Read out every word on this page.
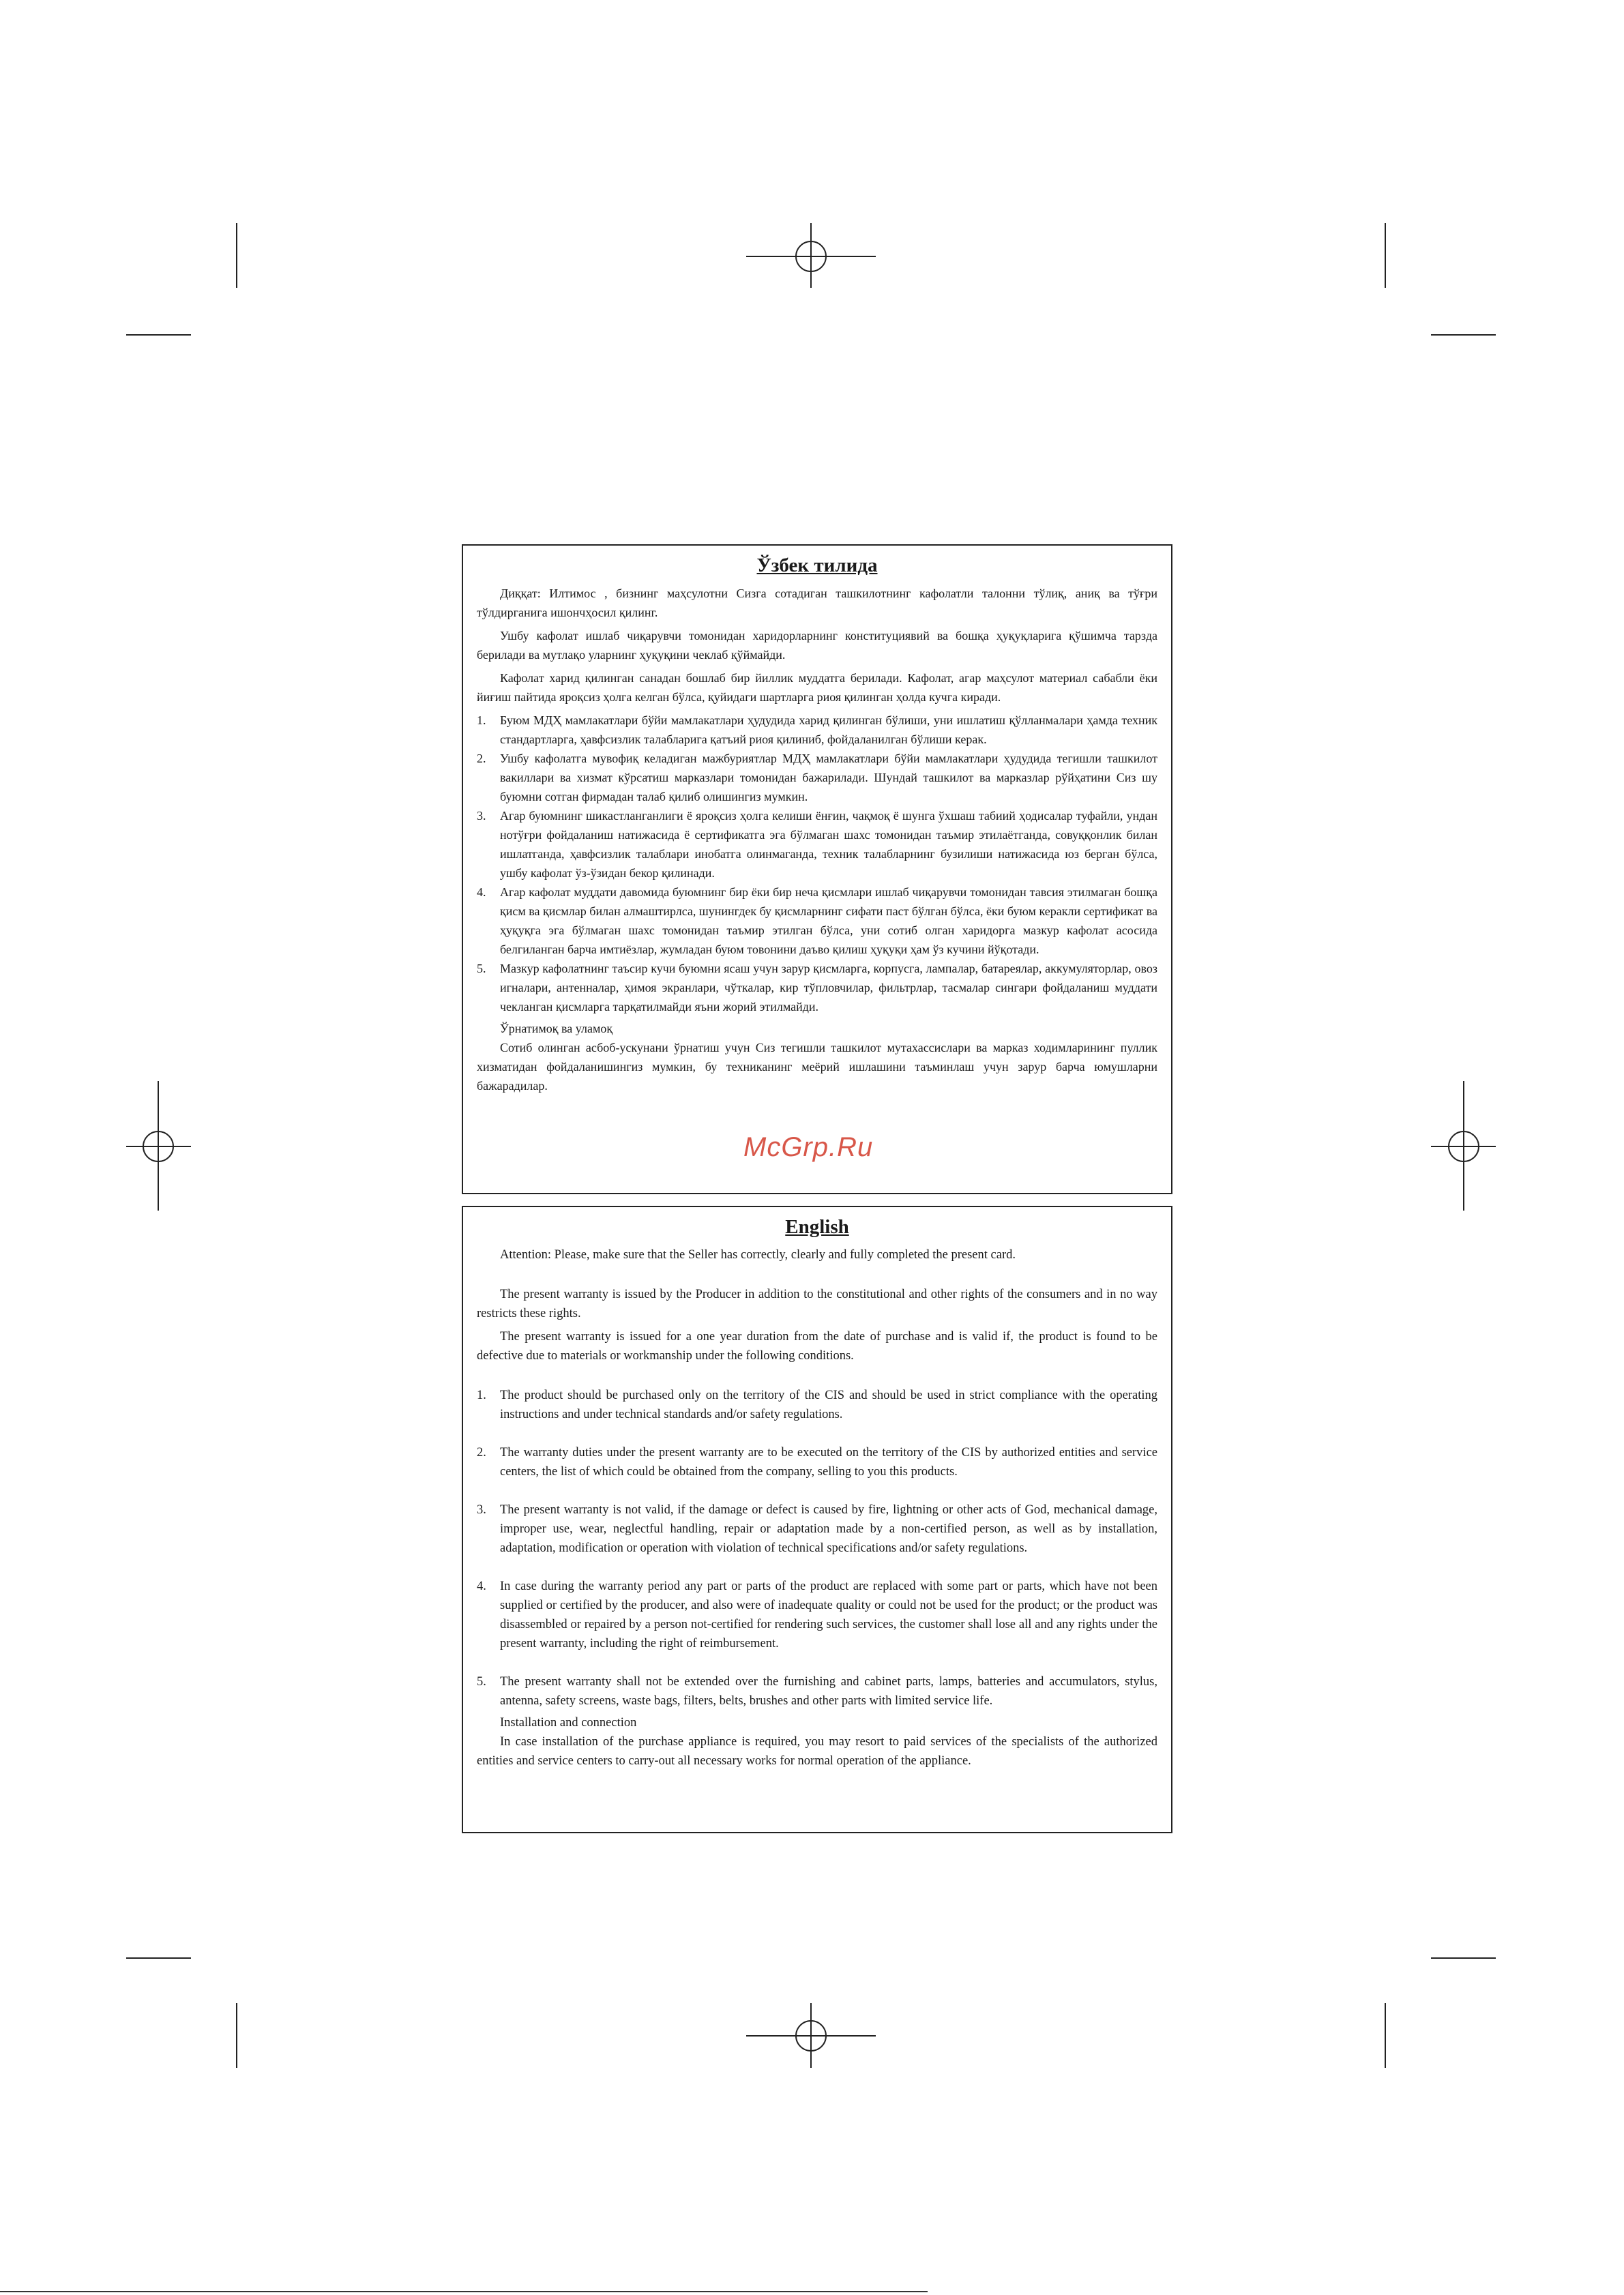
Ўзбек тилида

Диққат: Илтимос , бизнинг маҳсулотни Сизга сотадиган ташкилотнинг кафолатли талонни тўлиқ, аниқ ва тўғри тўлдирганига ишончҳосил қилинг.

Ушбу кафолат ишлаб чиқарувчи томонидан харидорларнинг конституциявий ва бошқа ҳуқуқларига қўшимча тарзда берилади ва мутлақо уларнинг ҳуқуқини чеклаб қўймайди.

Кафолат харид қилинган санадан бошлаб бир йиллик муддатга берилади. Кафолат, агар маҳсулот материал сабабли ёки йиғиш пайтида яроқсиз ҳолга келган бўлса, қуйидаги шартларга риоя қилинган ҳолда кучга киради.

1. Буюм МДҲ мамлакатлари бўйи мамлакатлари ҳудудида харид қилинган бўлиши, уни ишлатиш қўлланмалари ҳамда техник стандартларга, ҳавфсизлик талабларига қатъий риоя қилиниб, фойдаланилган бўлиши керак.
2. Ушбу кафолатга мувофиқ келадиган мажбуриятлар МДҲ мамлакатлари бўйи мамлакатлари ҳудудида тегишли ташкилот вакиллари ва хизмат кўрсатиш марказлари томонидан бажарилади. Шундай ташкилот ва марказлар рўйҳатини Сиз шу буюмни сотган фирмадан талаб қилиб олишингиз мумкин.
3. Агар буюмнинг шикастланганлиги ё яроқсиз ҳолга келиши ёнғин, чақмоқ ё шунга ўхшаш табиий ҳодисалар туфайли, ундан нотўғри фойдаланиш натижасида ё сертификатга эга бўлмаган шахс томонидан таъмир этилаётганда, совуққонлик билан ишлатганда, ҳавфсизлик талаблари инобатга олинмаганда, техник талабларнинг бузилиши натижасида юз берган бўлса, ушбу кафолат ўз-ўзидан бекор қилинади.
4. Агар кафолат муддати давомида буюмнинг бир ёки бир неча қисмлари ишлаб чиқарувчи томонидан тавсия этилмаган бошқа қисм ва қисмлар билан алмаштирлса, шунингдек бу қисмларнинг сифати паст бўлган бўлса, ёки буюм керакли сертификат ва ҳуқуқга эга бўлмаган шахс томонидан таъмир этилган бўлса, уни сотиб олган харидорга мазкур кафолат асосида белгиланган барча имтиёзлар, жумладан буюм товонини даъво қилиш ҳуқуқи ҳам ўз кучини йўқотади.
5. Мазкур кафолатнинг таъсир кучи буюмни ясаш учун зарур қисмларга, корпусга, лампалар, батареялар, аккумуляторлар, овоз игналари, антенналар, ҳимоя экранлари, чўткалар, кир тўпловчилар, фильтрлар, тасмалар сингари фойдаланиш муддати чекланган қисмларга тарқатилмайди яъни жорий этилмайди.
Ўрнатимоқ ва уламоқ

Сотиб олинган асбоб-ускунани ўрнатиш учун Сиз тегишли ташкилот мутахассислари ва марказ ходимларининг пуллик хизматидан фойдаланишингиз мумкин, бу техниканинг меёрий ишлашини таъминлаш учун зарур барча юмушларни бажарадилар.

English

Attention: Please, make sure that the Seller has correctly, clearly and fully completed the present card.

The present warranty is issued by the Producer in addition to the constitutional and other rights of the consumers and in no way restricts these rights.

The present warranty is issued for a one year duration from the date of purchase and is valid if, the product is found to be defective due to materials or workmanship under the following conditions.

1. The product should be purchased only on the territory of the CIS and should be used in strict compliance with the operating instructions and under technical standards and/or safety regulations.
2. The warranty duties under the present warranty are to be executed on the territory of the CIS by authorized entities and service centers, the list of which could be obtained from the company, selling to you this products.
3. The present warranty is not valid, if the damage or defect is caused by fire, lightning or other acts of God, mechanical damage, improper use, wear, neglectful handling, repair or adaptation made by a non-certified person, as well as by installation, adaptation, modification or operation with violation of technical specifications and/or safety regulations.
4. In case during the warranty period any part or parts of the product are replaced with some part or parts, which have not been supplied or certified by the producer, and also were of inadequate quality or could not be used for the product; or the product was disassembled or repaired by a person not-certified for rendering such services, the customer shall lose all and any rights under the present warranty, including the right of reimbursement.
5. The present warranty shall not be extended over the furnishing and cabinet parts, lamps, batteries and accumulators, stylus, antenna, safety screens, waste bags, filters, belts, brushes and other parts with limited service life.
Installation and connection

In case installation of the purchase appliance is required, you may resort to paid services of the specialists of the authorized entities and service centers to carry-out all necessary works for normal operation of the appliance.

McGrp.Ru
